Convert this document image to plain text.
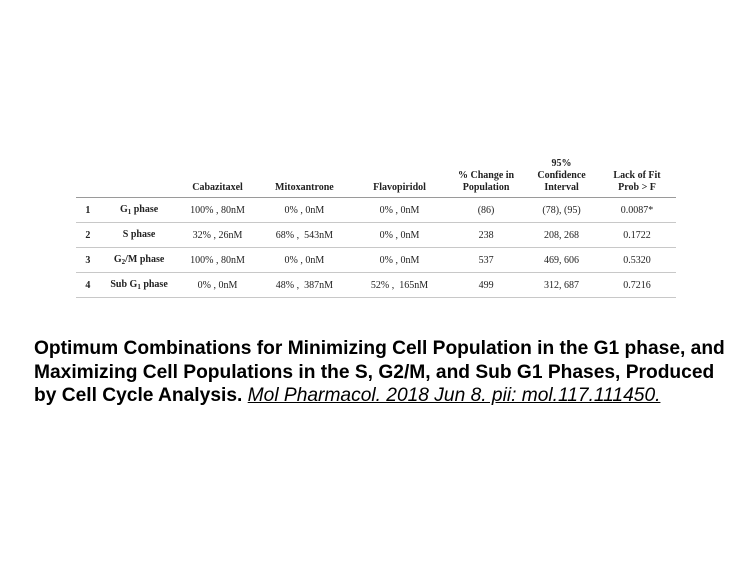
		Cabazitaxel	Mitoxantrone	Flavopiridol	% Change in
Population	95%
Confidence
Interval	Lack of Fit
Prob > F
1	$G_1$ phase	100% , 80nM	0% , 0nM	0% , 0nM	(86)	(78), (95)	0.0087*
2	S phase	32% , 26nM	68% ,  543nM	0% , 0nM	238	208, 268	0.1722
3	$G_2/M$ phase	100% , 80nM	0% , 0nM	0% , 0nM	537	469, 606	0.5320
4	Sub $G_1$ phase	0% , 0nM	48% ,  387nM	52% ,  165nM	499	312, 687	0.7216
Optimum Combinations for Minimizing Cell Population in the G1 phase, and Maximizing Cell Populations in the S, G2/M, and Sub G1 Phases, Produced by Cell Cycle Analysis. Mol Pharmacol. 2018 Jun 8. pii: mol.117.111450.
